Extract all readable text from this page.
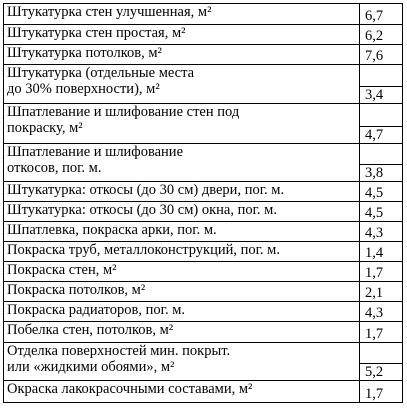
Штукатурка стен улучшенная, м²	6,7

Штукатурка стен простая, м²	6,2

Штукатурка потолков, м²	7,6

Штукатурка (отдельные места
до 30% поверхности), м²	3,4

Шпатлевание и шлифование стен под
покраску, м²	4,7

Шпатлевание и шлифование
откосов, пог. м.	3,8

Штукатурка: откосы (до 30 см) двери, пог. м.	4,5

Штукатурка: откосы (до 30 см) окна, пог. м.	4,5

Шпатлевка, покраска арки, пог. м.	4,3

Покраска труб, металлоконструкций, пог. м.	1,4

Покраска стен, м²	1,7

Покраска потолков, м²	2,1

Покраска радиаторов, пог. м.	4,3

Побелка стен, потолков, м²	1,7

Отделка поверхностей мин. покрыт.
или «жидкими обоями», м²	5,2

Окраска лакокрасочными составами, м²	1,7
